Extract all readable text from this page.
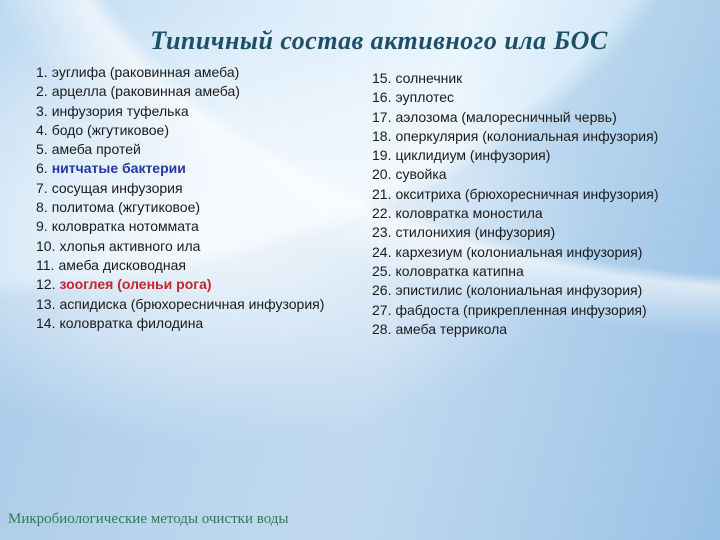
Типичный состав активного ила БОС
1. эуглифа (раковинная амеба)
2. арцелла (раковинная амеба)
3. инфузория туфелька
4. бодо (жгутиковое)
5. амеба протей
6. нитчатые бактерии
7. сосущая инфузория
8. политома (жгутиковое)
9. коловратка нотоммата
10. хлопья активного ила
11. амеба дисководная
12. зооглея (оленьи рога)
13. аспидиска (брюхоресничная инфузория)
14. коловратка филодина
15. солнечник
16. эуплотес
17. аэлозома (малоресничный червь)
18. оперкулярия (колониальная инфузория)
19. циклидиум (инфузория)
20. сувойка
21. окситриха (брюхоресничная инфузория)
22. коловратка моностила
23. стилонихия (инфузория)
24. кархезиум (колониальная инфузория)
25. коловратка катипна
26. эпистилис (колониальная инфузория)
27. фабдоста (прикрепленная инфузория)
28. амеба террикола
Микробиологические методы очистки воды
